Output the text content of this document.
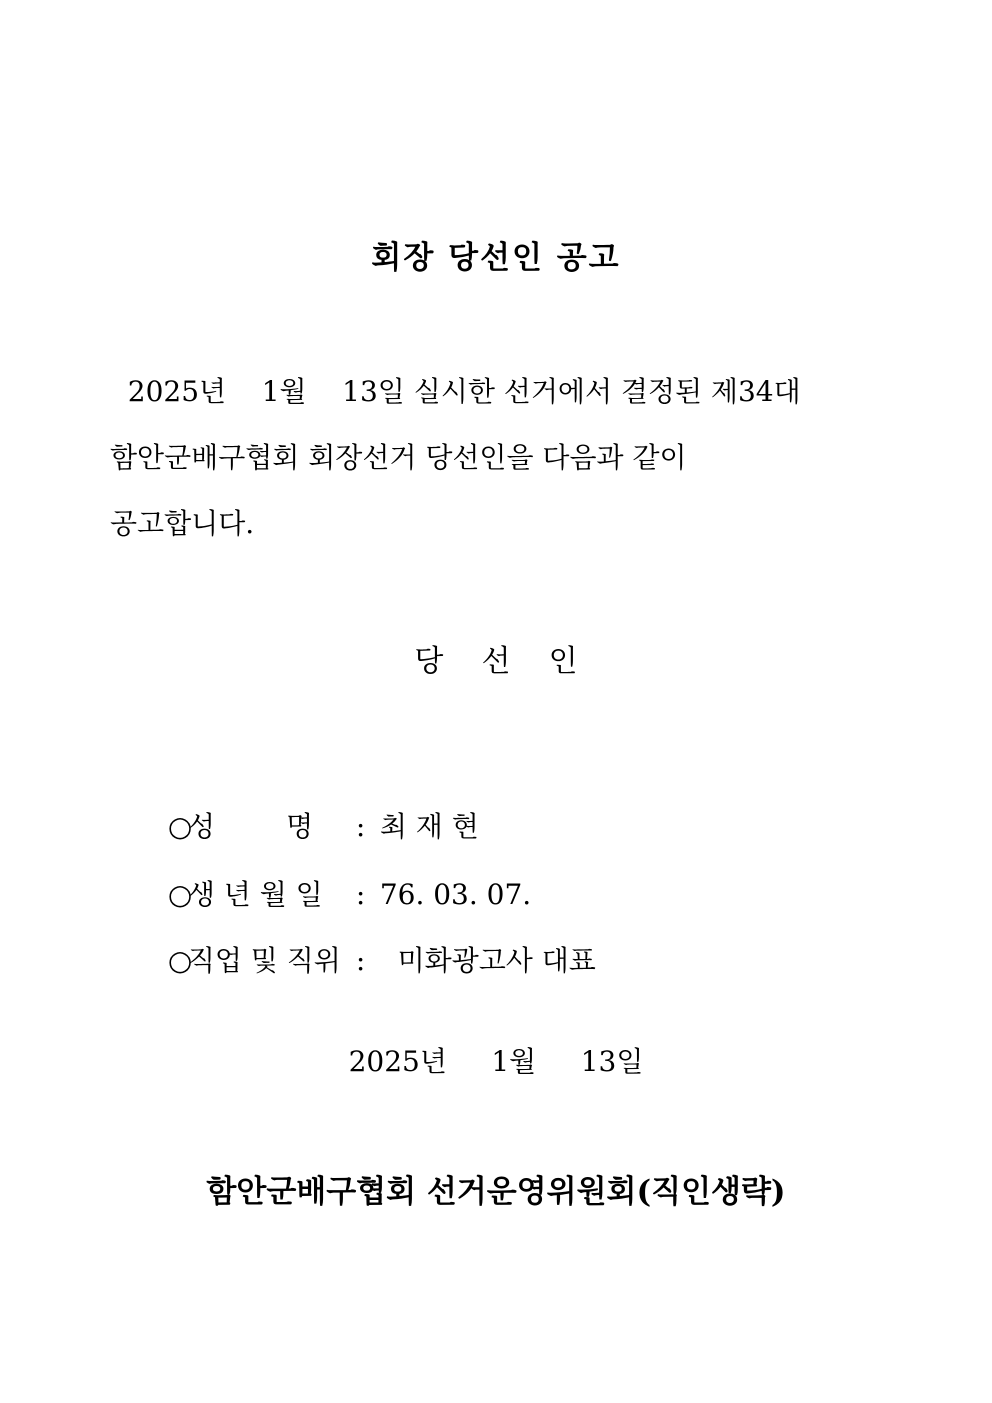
회장 당선인 공고
2025년    1월    13일 실시한 선거에서 결정된 제34대
함안군배구협회 회장선거 당선인을 다음과 같이
공고합니다.
당    선    인

○성        명 : 최 재 현

○생 년 월 일 : 76. 03. 07.

○직업 및 직위 :  미화광고사 대표

2025년     1월     13일
함안군배구협회 선거운영위원회(직인생략)
